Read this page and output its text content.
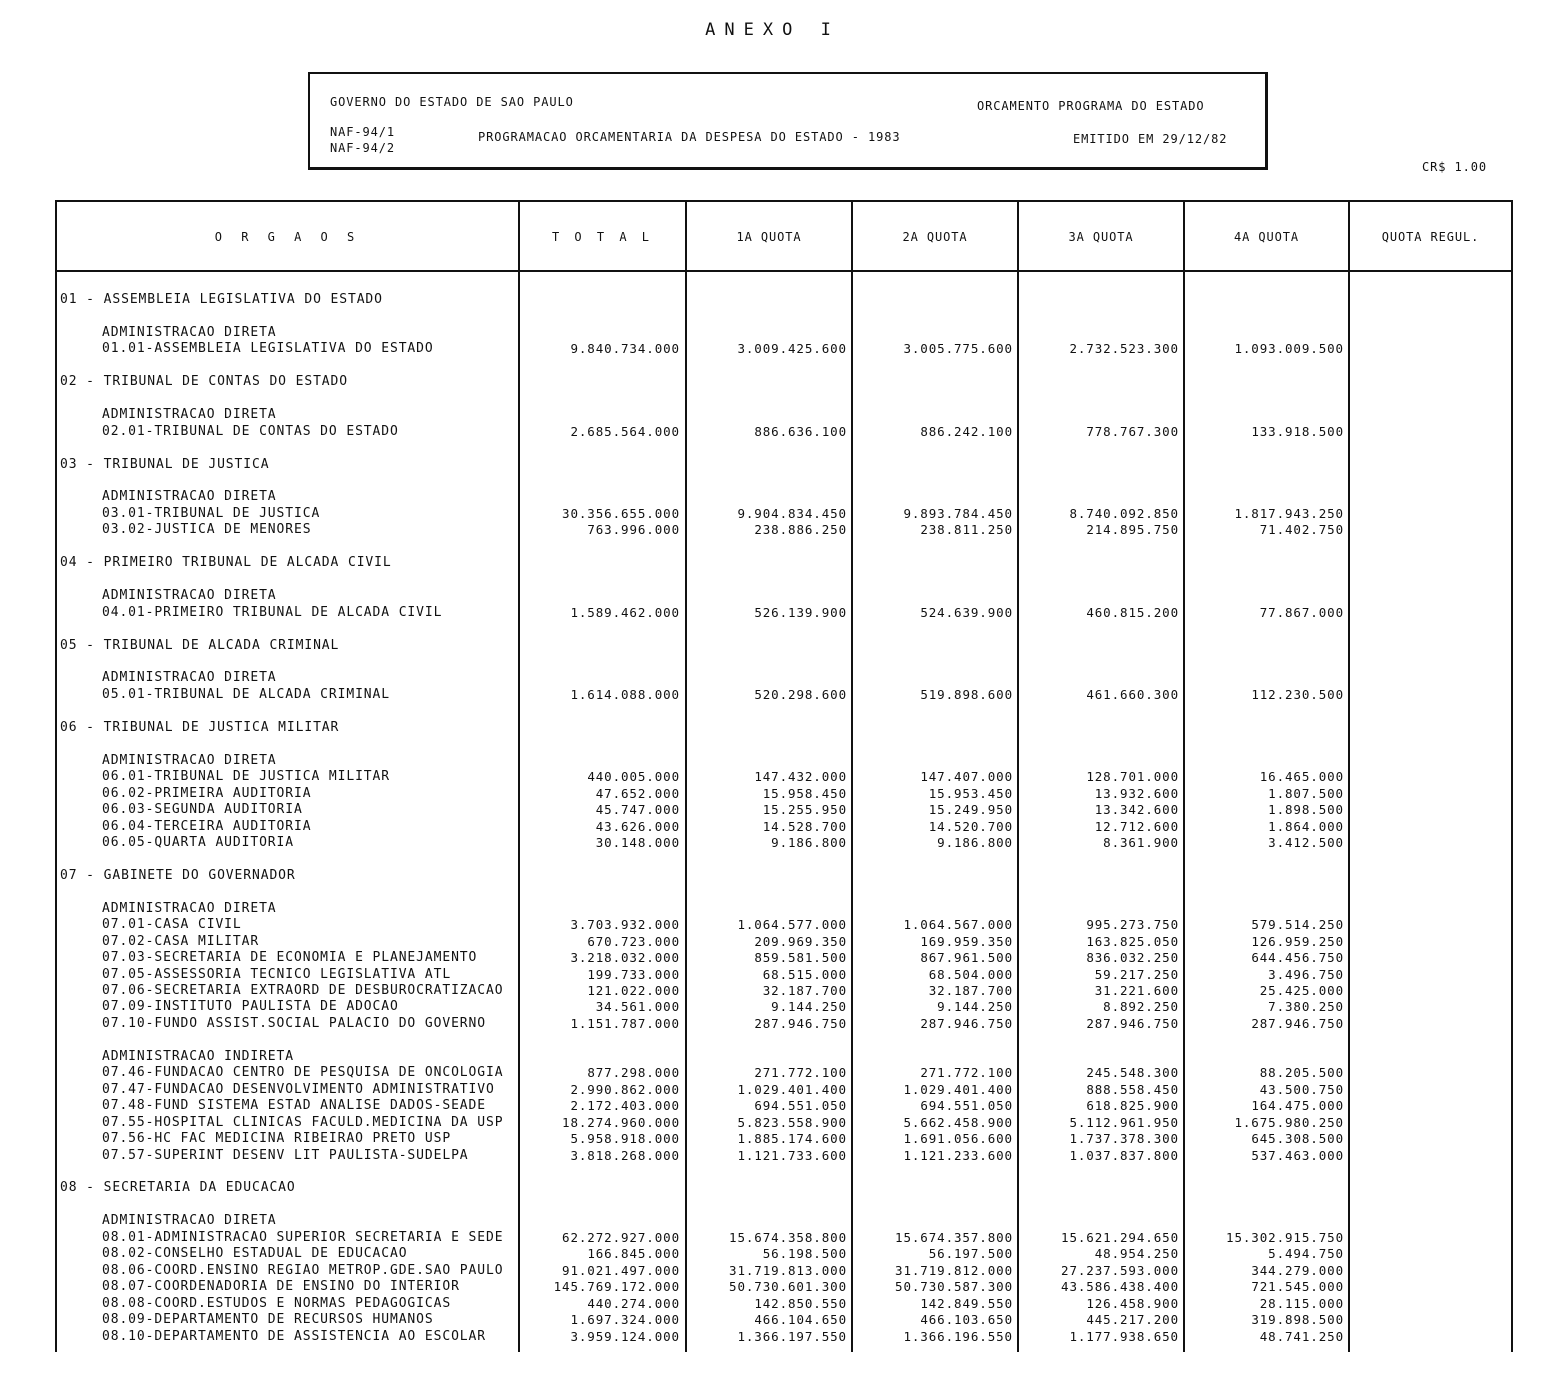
ANEXO I
GOVERNO DO ESTADO DE SAO PAULO	ORCAMENTO PROGRAMA DO ESTADO
NAF-94/1
NAF-94/2
PROGRAMACAO ORCAMENTARIA DA DESPESA DO ESTADO - 1983	EMITIDO EM 29/12/82
CR$ 1.00
O R G A O S	T O T A L	1A QUOTA	2A QUOTA	3A QUOTA	4A QUOTA	QUOTA REGUL.
01 - ASSEMBLEIA LEGISLATIVA DO ESTADO
ADMINISTRACAO DIRETA
01.01-ASSEMBLEIA LEGISLATIVA DO ESTADO	9.840.734.000	3.009.425.600	3.005.775.600	2.732.523.300	1.093.009.500
02 - TRIBUNAL DE CONTAS DO ESTADO
ADMINISTRACAO DIRETA
02.01-TRIBUNAL DE CONTAS DO ESTADO	2.685.564.000	886.636.100	886.242.100	778.767.300	133.918.500
03 - TRIBUNAL DE JUSTICA
ADMINISTRACAO DIRETA
03.01-TRIBUNAL DE JUSTICA	30.356.655.000	9.904.834.450	9.893.784.450	8.740.092.850	1.817.943.250
03.02-JUSTICA DE MENORES	763.996.000	238.886.250	238.811.250	214.895.750	71.402.750
04 - PRIMEIRO TRIBUNAL DE ALCADA CIVIL
ADMINISTRACAO DIRETA
04.01-PRIMEIRO TRIBUNAL DE ALCADA CIVIL	1.589.462.000	526.139.900	524.639.900	460.815.200	77.867.000
05 - TRIBUNAL DE ALCADA CRIMINAL
ADMINISTRACAO DIRETA
05.01-TRIBUNAL DE ALCADA CRIMINAL	1.614.088.000	520.298.600	519.898.600	461.660.300	112.230.500
06 - TRIBUNAL DE JUSTICA MILITAR
ADMINISTRACAO DIRETA
06.01-TRIBUNAL DE JUSTICA MILITAR	440.005.000	147.432.000	147.407.000	128.701.000	16.465.000
06.02-PRIMEIRA AUDITORIA	47.652.000	15.958.450	15.953.450	13.932.600	1.807.500
06.03-SEGUNDA AUDITORIA	45.747.000	15.255.950	15.249.950	13.342.600	1.898.500
06.04-TERCEIRA AUDITORIA	43.626.000	14.528.700	14.520.700	12.712.600	1.864.000
06.05-QUARTA AUDITORIA	30.148.000	9.186.800	9.186.800	8.361.900	3.412.500
07 - GABINETE DO GOVERNADOR
ADMINISTRACAO DIRETA
07.01-CASA CIVIL	3.703.932.000	1.064.577.000	1.064.567.000	995.273.750	579.514.250
07.02-CASA MILITAR	670.723.000	209.969.350	169.959.350	163.825.050	126.959.250
07.03-SECRETARIA DE ECONOMIA E PLANEJAMENTO	3.218.032.000	859.581.500	867.961.500	836.032.250	644.456.750
07.05-ASSESSORIA TECNICO LEGISLATIVA ATL	199.733.000	68.515.000	68.504.000	59.217.250	3.496.750
07.06-SECRETARIA EXTRAORD DE DESBUROCRATIZACAO	121.022.000	32.187.700	32.187.700	31.221.600	25.425.000
07.09-INSTITUTO PAULISTA DE ADOCAO	34.561.000	9.144.250	9.144.250	8.892.250	7.380.250
07.10-FUNDO ASSIST.SOCIAL PALACIO DO GOVERNO	1.151.787.000	287.946.750	287.946.750	287.946.750	287.946.750
ADMINISTRACAO INDIRETA
07.46-FUNDACAO CENTRO DE PESQUISA DE ONCOLOGIA	877.298.000	271.772.100	271.772.100	245.548.300	88.205.500
07.47-FUNDACAO DESENVOLVIMENTO ADMINISTRATIVO	2.990.862.000	1.029.401.400	1.029.401.400	888.558.450	43.500.750
07.48-FUND SISTEMA ESTAD ANALISE DADOS-SEADE	2.172.403.000	694.551.050	694.551.050	618.825.900	164.475.000
07.55-HOSPITAL CLINICAS FACULD.MEDICINA DA USP	18.274.960.000	5.823.558.900	5.662.458.900	5.112.961.950	1.675.980.250
07.56-HC FAC MEDICINA RIBEIRAO PRETO USP	5.958.918.000	1.885.174.600	1.691.056.600	1.737.378.300	645.308.500
07.57-SUPERINT DESENV LIT PAULISTA-SUDELPA	3.818.268.000	1.121.733.600	1.121.233.600	1.037.837.800	537.463.000
08 - SECRETARIA DA EDUCACAO
ADMINISTRACAO DIRETA
08.01-ADMINISTRACAO SUPERIOR SECRETARIA E SEDE	62.272.927.000	15.674.358.800	15.674.357.800	15.621.294.650	15.302.915.750
08.02-CONSELHO ESTADUAL DE EDUCACAO	166.845.000	56.198.500	56.197.500	48.954.250	5.494.750
08.06-COORD.ENSINO REGIAO METROP.GDE.SAO PAULO	91.021.497.000	31.719.813.000	31.719.812.000	27.237.593.000	344.279.000
08.07-COORDENADORIA DE ENSINO DO INTERIOR	145.769.172.000	50.730.601.300	50.730.587.300	43.586.438.400	721.545.000
08.08-COORD.ESTUDOS E NORMAS PEDAGOGICAS	440.274.000	142.850.550	142.849.550	126.458.900	28.115.000
08.09-DEPARTAMENTO DE RECURSOS HUMANOS	1.697.324.000	466.104.650	466.103.650	445.217.200	319.898.500
08.10-DEPARTAMENTO DE ASSISTENCIA AO ESCOLAR	3.959.124.000	1.366.197.550	1.366.196.550	1.177.938.650	48.741.250
